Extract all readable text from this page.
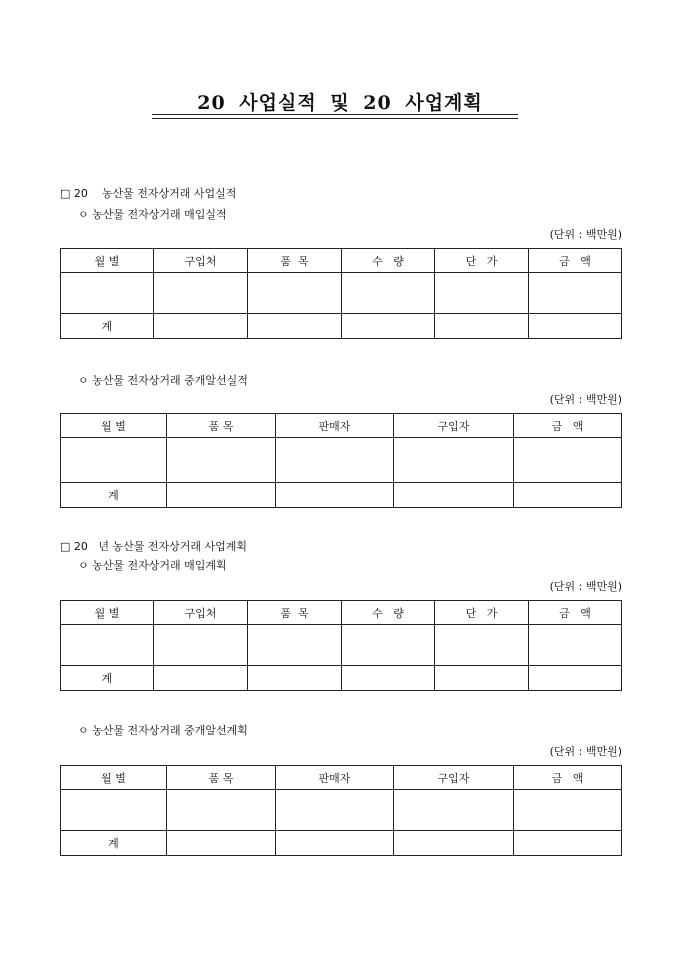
20 사업실적 및 20 사업계획
□ 20    농산물 전자상거래 사업실적
ㅇ 농산물 전자상거래 매입실적
(단위 : 백만원)
월 별	구입처	품  목	수   량	단   가	금   액

계					
ㅇ 농산물 전자상거래 중개알선실적
(단위 : 백만원)
월 별	품 목	판매자	구입자	금   액

계				
□ 20   년 농산물 전자상거래 사업계획
ㅇ 농산물 전자상거래 매입계획
(단위 : 백만원)
월 별	구입처	품  목	수   량	단   가	금   액

계					
ㅇ 농산물 전자상거래 중개알선계획
(단위 : 백만원)
월 별	품 목	판매자	구입자	금   액

계				
